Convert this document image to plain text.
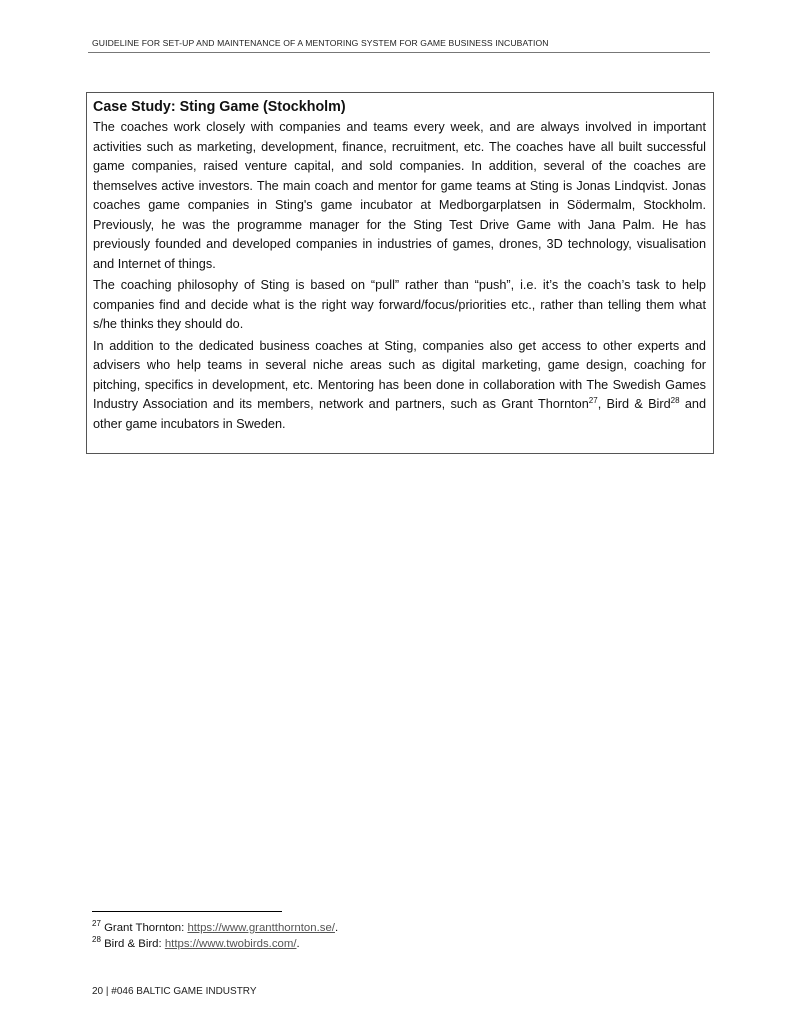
GUIDELINE FOR SET-UP AND MAINTENANCE OF A MENTORING SYSTEM FOR GAME BUSINESS INCUBATION
Case Study: Sting Game (Stockholm)

The coaches work closely with companies and teams every week, and are always involved in important activities such as marketing, development, finance, recruitment, etc. The coaches have all built successful game companies, raised venture capital, and sold companies. In addition, several of the coaches are themselves active investors. The main coach and mentor for game teams at Sting is Jonas Lindqvist. Jonas coaches game companies in Sting's game incubator at Medborgarplatsen in Södermalm, Stockholm. Previously, he was the programme manager for the Sting Test Drive Game with Jana Palm. He has previously founded and developed companies in industries of games, drones, 3D technology, visualisation and Internet of things.

The coaching philosophy of Sting is based on “pull” rather than “push”, i.e. it’s the coach’s task to help companies find and decide what is the right way forward/focus/priorities etc., rather than telling them what s/he thinks they should do.

In addition to the dedicated business coaches at Sting, companies also get access to other experts and advisers who help teams in several niche areas such as digital marketing, game design, coaching for pitching, specifics in development, etc. Mentoring has been done in collaboration with The Swedish Games Industry Association and its members, network and partners, such as Grant Thornton$^{27}$, Bird & Bird$^{28}$ and other game incubators in Sweden.

$^{27}$ Grant Thornton: https://www.grantthornton.se/.
$^{28}$ Bird & Bird: https://www.twobirds.com/.
20 | #046 BALTIC GAME INDUSTRY
